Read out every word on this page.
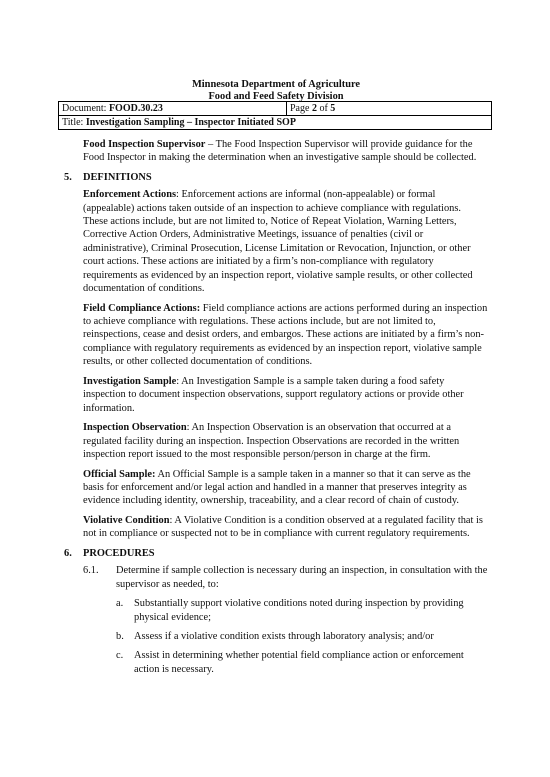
Minnesota Department of Agriculture
Food and Feed Safety Division
Document: FOOD.30.23	Page 2 of 5
Title: Investigation Sampling – Inspector Initiated SOP

Food Inspection Supervisor – The Food Inspection Supervisor will provide guidance for the Food Inspector in making the determination when an investigative sample should be collected.

5. DEFINITIONS

Enforcement Actions: Enforcement actions are informal (non-appealable) or formal (appealable) actions taken outside of an inspection to achieve compliance with regulations. These actions include, but are not limited to, Notice of Repeat Violation, Warning Letters, Corrective Action Orders, Administrative Meetings, issuance of penalties (civil or administrative), Criminal Prosecution, License Limitation or Revocation, Injunction, or other court actions. These actions are initiated by a firm’s non-compliance with regulatory requirements as evidenced by an inspection report, violative sample results, or other collected documentation of conditions.

Field Compliance Actions: Field compliance actions are actions performed during an inspection to achieve compliance with regulations. These actions include, but are not limited to, reinspections, cease and desist orders, and embargos. These actions are initiated by a firm’s non-compliance with regulatory requirements as evidenced by an inspection report, violative sample results, or other collected documentation of conditions.

Investigation Sample: An Investigation Sample is a sample taken during a food safety inspection to document inspection observations, support regulatory actions or provide other information.

Inspection Observation: An Inspection Observation is an observation that occurred at a regulated facility during an inspection. Inspection Observations are recorded in the written inspection report issued to the most responsible person/person in charge at the firm.

Official Sample: An Official Sample is a sample taken in a manner so that it can serve as the basis for enforcement and/or legal action and handled in a manner that preserves integrity as evidence including identity, ownership, traceability, and a clear record of chain of custody.

Violative Condition: A Violative Condition is a condition observed at a regulated facility that is not in compliance or suspected not to be in compliance with current regulatory requirements.

6. PROCEDURES
6.1.	Determine if sample collection is necessary during an inspection, in consultation with the supervisor as needed, to:
a.	Substantially support violative conditions noted during inspection by providing physical evidence;
b. Assess if a violative condition exists through laboratory analysis; and/or
c.	Assist in determining whether potential field compliance action or enforcement action is necessary.
